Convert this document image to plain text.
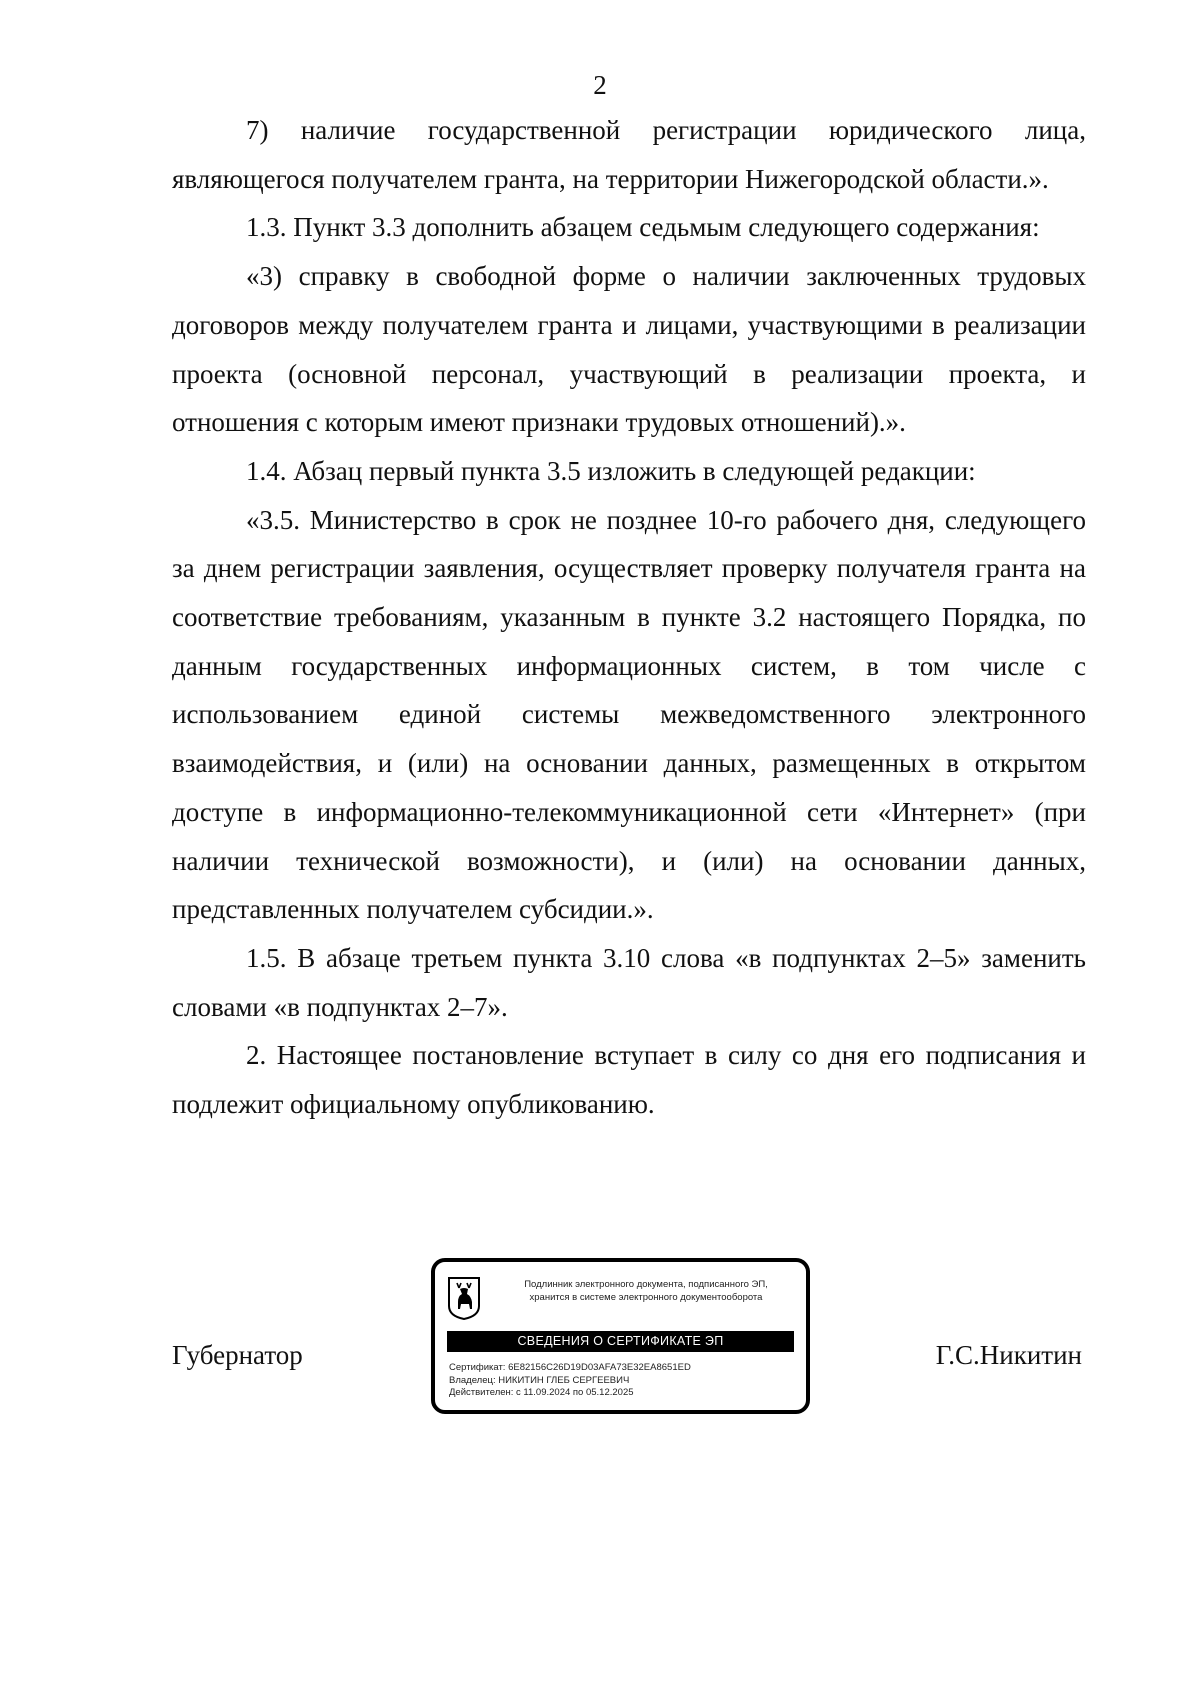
2

7) наличие государственной регистрации юридического лица, являющегося получателем гранта, на территории Нижегородской области.».

1.3. Пункт 3.3 дополнить абзацем седьмым следующего содержания:

«3) справку в свободной форме о наличии заключенных трудовых договоров между получателем гранта и лицами, участвующими в реализации проекта (основной персонал, участвующий в реализации проекта, и отношения с которым имеют признаки трудовых отношений).».

1.4. Абзац первый пункта 3.5 изложить в следующей редакции:

«3.5. Министерство в срок не позднее 10-го рабочего дня, следующего за днем регистрации заявления, осуществляет проверку получателя гранта на соответствие требованиям, указанным в пункте 3.2 настоящего Порядка, по данным государственных информационных систем, в том числе с использованием единой системы межведомственного электронного взаимодействия, и (или) на основании данных, размещенных в открытом доступе в информационно-телекоммуникационной сети «Интернет» (при наличии технической возможности), и (или) на основании данных, представленных получателем субсидии.».

1.5. В абзаце третьем пункта 3.10 слова «в подпунктах 2–5» заменить словами «в подпунктах 2–7».

2. Настоящее постановление вступает в силу со дня его подписания и подлежит официальному опубликованию.

Губернатор
Подлинник электронного документа, подписанного ЭП,
хранится в системе электронного документооборота
СВЕДЕНИЯ О СЕРТИФИКАТЕ ЭП
Сертификат: 6E82156C26D19D03AFA73E32EA8651ED
Владелец: НИКИТИН ГЛЕБ СЕРГЕЕВИЧ
Действителен: с 11.09.2024 по 05.12.2025
Г.С.Никитин
